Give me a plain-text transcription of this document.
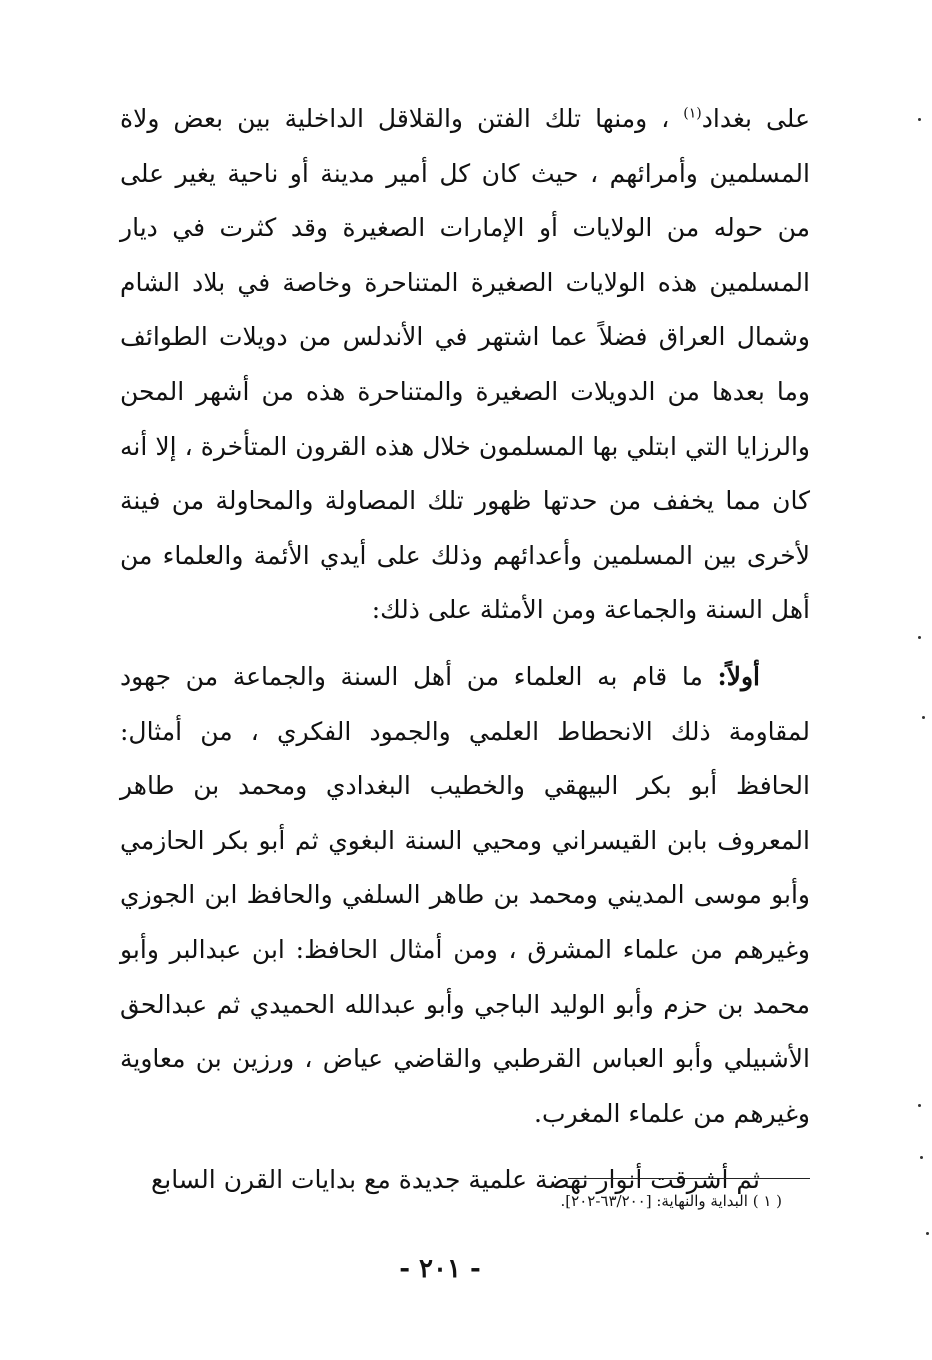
على بغداد$^{(١)}$ ، ومنها تلك الفتن والقلاقل الداخلية بين بعض ولاة المسلمين وأمرائهم ، حيث كان كل أمير مدينة أو ناحية يغير على من حوله من الولايات أو الإمارات الصغيرة وقد كثرت في ديار المسلمين هذه الولايات الصغيرة المتناحرة وخاصة في بلاد الشام وشمال العراق فضلاً عما اشتهر في الأندلس من دويلات الطوائف وما بعدها من الدويلات الصغيرة والمتناحرة هذه من أشهر المحن والرزايا التي ابتلي بها المسلمون خلال هذه القرون المتأخرة ، إلا أنه كان مما يخفف من حدتها ظهور تلك المصاولة والمحاولة من فينة لأخرى بين المسلمين وأعدائهم وذلك على أيدي الأئمة والعلماء من أهل السنة والجماعة ومن الأمثلة على ذلك:

أولاً: ما قام به العلماء من أهل السنة والجماعة من جهود لمقاومة ذلك الانحطاط العلمي والجمود الفكري ، من أمثال: الحافظ أبو بكر البيهقي والخطيب البغدادي ومحمد بن طاهر المعروف بابن القيسراني ومحيي السنة البغوي ثم أبو بكر الحازمي وأبو موسى المديني ومحمد بن طاهر السلفي والحافظ ابن الجوزي وغيرهم من علماء المشرق ، ومن أمثال الحافظ: ابن عبدالبر وأبو محمد بن حزم وأبو الوليد الباجي وأبو عبدالله الحميدي ثم عبدالحق الأشبيلي وأبو العباس القرطبي والقاضي عياض ، ورزين بن معاوية وغيرهم من علماء المغرب.

ثم أشرقت أنوار نهضة علمية جديدة مع بدايات القرن السابع

( ١ ) البداية والنهاية: [٦٣/٢٠٠-٢٠٢].
- ٢٠١ -
